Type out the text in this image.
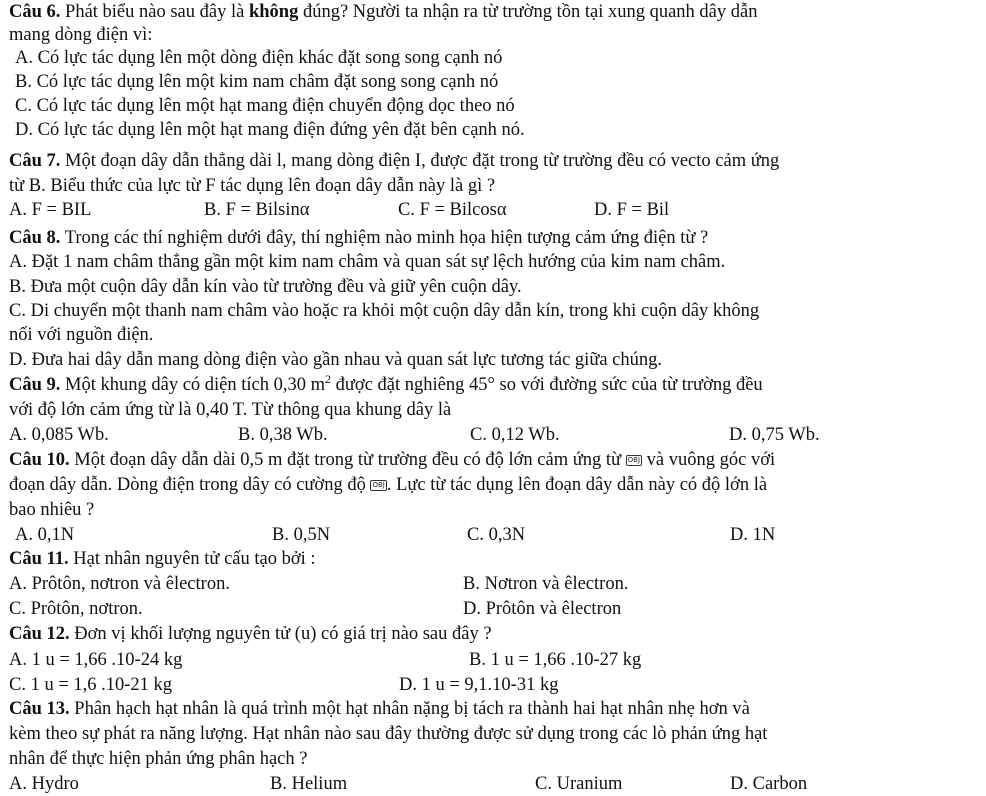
Câu 6. Phát biểu nào sau đây là không đúng? Người ta nhận ra từ trường tồn tại xung quanh dây dẫn
mang dòng điện vì:
A. Có lực tác dụng lên một dòng điện khác đặt song song cạnh nó
B. Có lực tác dụng lên một kim nam châm đặt song song cạnh nó
C. Có lực tác dụng lên một hạt mang điện chuyển động dọc theo nó
D. Có lực tác dụng lên một hạt mang điện đứng yên đặt bên cạnh nó.
Câu 7. Một đoạn dây dẫn thẳng dài l, mang dòng điện I, được đặt trong từ trường đều có vecto cảm ứng
từ B. Biểu thức của lực từ F tác dụng lên đoạn dây dẫn này là gì ?
A. F = BIL	B. F = Bilsinα	C. F = Bilcosα	D. F = Bil
Câu 8. Trong các thí nghiệm dưới đây, thí nghiệm nào minh họa hiện tượng cảm ứng điện từ ?
A. Đặt 1 nam châm thẳng gần một kim nam châm và quan sát sự lệch hướng của kim nam châm.
B. Đưa một cuộn dây dẫn kín vào từ trường đều và giữ yên cuộn dây.
C. Di chuyển một thanh nam châm vào hoặc ra khỏi một cuộn dây dẫn kín, trong khi cuộn dây không
nối với nguồn điện.
D. Đưa hai dây dẫn mang dòng điện vào gần nhau và quan sát lực tương tác giữa chúng.
Câu 9. Một khung dây có diện tích 0,30 $m^2$ được đặt nghiêng 45° so với đường sức của từ trường đều
với độ lớn cảm ứng từ là 0,40 T. Từ thông qua khung dây là
A. 0,085 Wb.	B. 0,38 Wb.	C. 0,12 Wb.	D. 0,75 Wb.
Câu 10. Một đoạn dây dẫn dài 0,5 m đặt trong từ trường đều có độ lớn cảm ứng từ OBJ và vuông góc với
đoạn dây dẫn. Dòng điện trong dây có cường độ OBJ . Lực từ tác dụng lên đoạn dây dẫn này có độ lớn là
bao nhiêu ?
A. 0,1N	B. 0,5N	C. 0,3N	D. 1N
Câu 11. Hạt nhân nguyên tử cấu tạo bởi :
A. Prôtôn, nơtron và êlectron.	B. Nơtron và êlectron.
C. Prôtôn, nơtron.	D. Prôtôn và êlectron
Câu 12. Đơn vị khối lượng nguyên tử (u) có giá trị nào sau đây ?
A. 1 u = 1,66 .10-24 kg	B. 1 u = 1,66 .10-27 kg
C. 1 u = 1,6 .10-21 kg	D. 1 u = 9,1.10-31 kg
Câu 13. Phân hạch hạt nhân là quá trình một hạt nhân nặng bị tách ra thành hai hạt nhân nhẹ hơn và
kèm theo sự phát ra năng lượng. Hạt nhân nào sau đây thường được sử dụng trong các lò phản ứng hạt
nhân để thực hiện phản ứng phân hạch ?
A. Hydro	B. Helium	C. Uranium	D. Carbon
